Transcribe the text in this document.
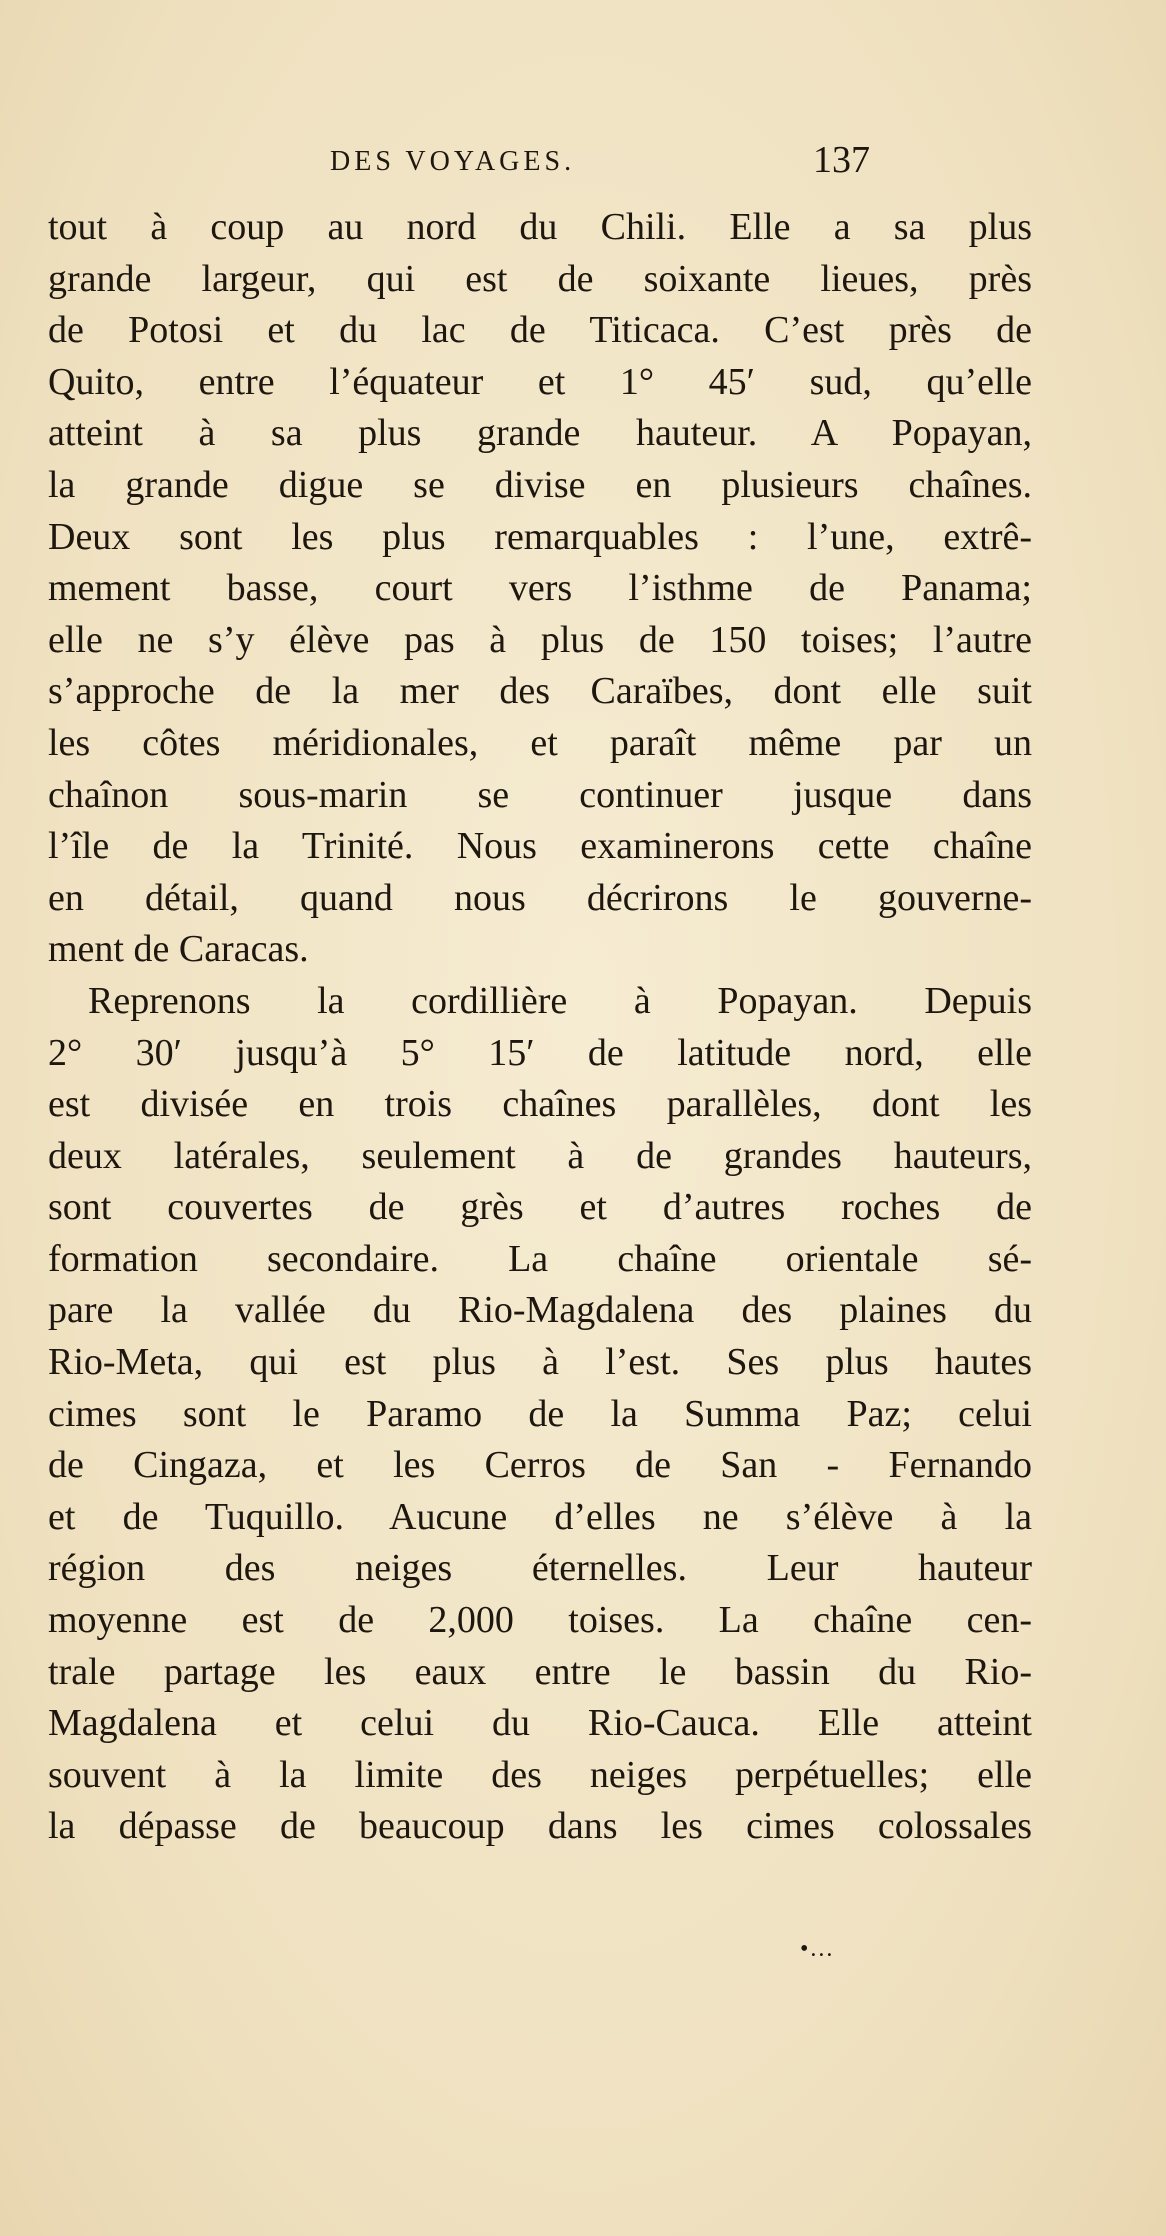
DES VOYAGES.	137
tout à coup au nord du Chili. Elle a sa plus
grande largeur, qui est de soixante lieues, près
de Potosi et du lac de Titicaca. C’est près de
Quito, entre l’équateur et 1° 45′ sud, qu’elle
atteint à sa plus grande hauteur. A Popayan,
la grande digue se divise en plusieurs chaînes.
Deux sont les plus remarquables : l’une, extrê-
mement basse, court vers l’isthme de Panama;
elle ne s’y élève pas à plus de 150 toises; l’autre
s’approche de la mer des Caraïbes, dont elle suit
les côtes méridionales, et paraît même par un
chaînon sous-marin se continuer jusque dans
l’île de la Trinité. Nous examinerons cette chaîne
en détail, quand nous décrirons le gouverne-
ment de Caracas.
Reprenons la cordillière à Popayan. Depuis
2° 30′ jusqu’à 5° 15′ de latitude nord, elle
est divisée en trois chaînes parallèles, dont les
deux latérales, seulement à de grandes hauteurs,
sont couvertes de grès et d’autres roches de
formation secondaire. La chaîne orientale sé-
pare la vallée du Rio-Magdalena des plaines du
Rio-Meta, qui est plus à l’est. Ses plus hautes
cimes sont le Paramo de la Summa Paz; celui
de Cingaza, et les Cerros de San - Fernando
et de Tuquillo. Aucune d’elles ne s’élève à la
région des neiges éternelles. Leur hauteur
moyenne est de 2,000 toises. La chaîne cen-
trale partage les eaux entre le bassin du Rio-
Magdalena et celui du Rio-Cauca. Elle atteint
souvent à la limite des neiges perpétuelles; elle
la dépasse de beaucoup dans les cimes colossales
•...
